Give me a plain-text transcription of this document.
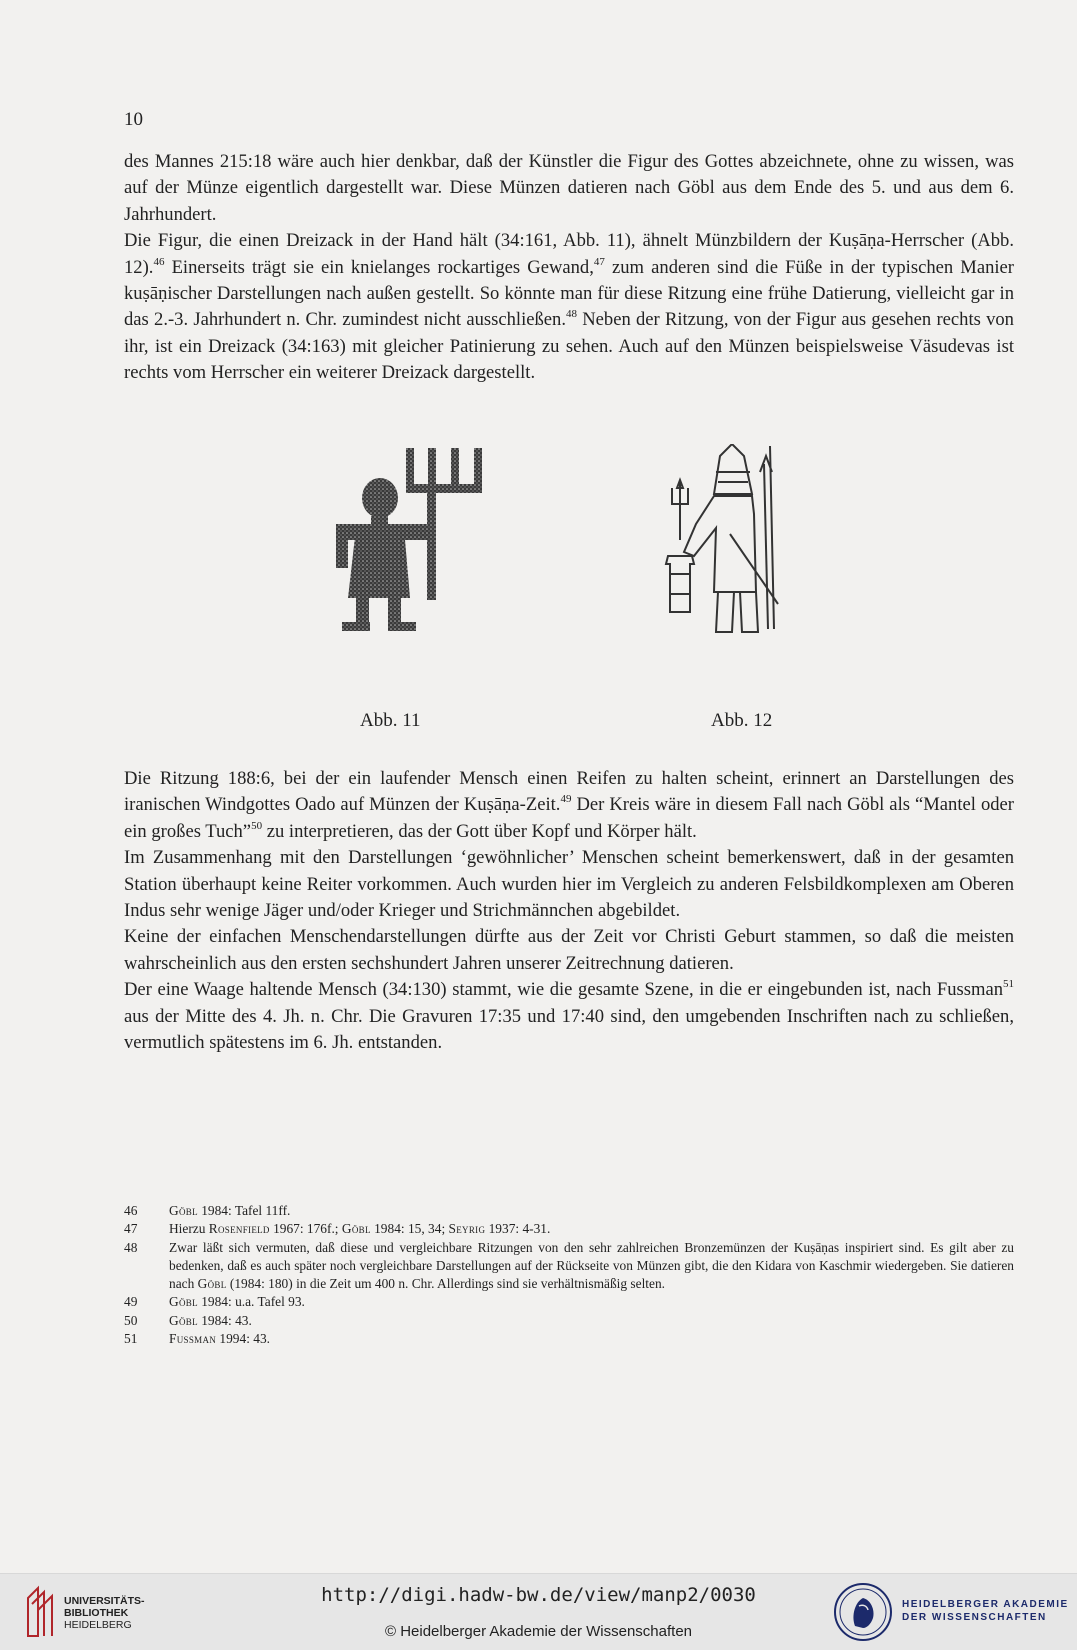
10

des Mannes 215:18 wäre auch hier denkbar, daß der Künstler die Figur des Gottes abzeichnete, ohne zu wissen, was auf der Münze eigentlich dargestellt war. Diese Münzen datieren nach Göbl aus dem Ende des 5. und aus dem 6. Jahrhundert.

Die Figur, die einen Dreizack in der Hand hält (34:161, Abb. 11), ähnelt Münzbildern der Kuṣāṇa-Herrscher (Abb. 12).$^{46}$ Einerseits trägt sie ein knielanges rockartiges Gewand,$^{47}$ zum anderen sind die Füße in der typischen Manier kuṣāṇischer Darstellungen nach außen gestellt. So könnte man für diese Ritzung eine frühe Datierung, vielleicht gar in das 2.-3. Jahrhundert n. Chr. zumindest nicht ausschließen.$^{48}$ Neben der Ritzung, von der Figur aus gesehen rechts von ihr, ist ein Dreizack (34:163) mit gleicher Patinierung zu sehen. Auch auf den Münzen beispielsweise Väsudevas ist rechts vom Herrscher ein weiterer Dreizack dargestellt.

Abb. 11	Abb. 12

Die Ritzung 188:6, bei der ein laufender Mensch einen Reifen zu halten scheint, erinnert an Darstellungen des iranischen Windgottes Oado auf Münzen der Kuṣāṇa-Zeit.$^{49}$ Der Kreis wäre in diesem Fall nach Göbl als “Mantel oder ein großes Tuch”$^{50}$ zu interpretieren, das der Gott über Kopf und Körper hält.

Im Zusammenhang mit den Darstellungen ‘gewöhnlicher’ Menschen scheint bemerkenswert, daß in der gesamten Station überhaupt keine Reiter vorkommen. Auch wurden hier im Vergleich zu anderen Felsbildkomplexen am Oberen Indus sehr wenige Jäger und/oder Krieger und Strichmännchen abgebildet.

Keine der einfachen Menschendarstellungen dürfte aus der Zeit vor Christi Geburt stammen, so daß die meisten wahrscheinlich aus den ersten sechshundert Jahren unserer Zeitrechnung datieren.

Der eine Waage haltende Mensch (34:130) stammt, wie die gesamte Szene, in die er eingebunden ist, nach Fussman$^{51}$ aus der Mitte des 4. Jh. n. Chr. Die Gravuren 17:35 und 17:40 sind, den umgebenden Inschriften nach zu schließen, vermutlich spätestens im 6. Jh. entstanden.

46	Göbl 1984: Tafel 11ff.
47	Hierzu Rosenfield 1967: 176f.; Göbl 1984: 15, 34; Seyrig 1937: 4-31.
48	Zwar läßt sich vermuten, daß diese und vergleichbare Ritzungen von den sehr zahlreichen Bronzemünzen der Kuṣāṇas inspiriert sind. Es gilt aber zu bedenken, daß es auch später noch vergleichbare Darstellungen auf der Rückseite von Münzen gibt, die den Kidara von Kaschmir wiedergeben. Sie datieren nach Göbl (1984: 180) in die Zeit um 400 n. Chr. Allerdings sind sie verhältnismäßig selten.
49	Göbl 1984: u.a. Tafel 93.
50	Göbl 1984: 43.
51	Fussman 1994: 43.
UNIVERSITÄTS-
BIBLIOTHEK
HEIDELBERG
http://digi.hadw-bw.de/view/manp2/0030
© Heidelberger Akademie der Wissenschaften
HEIDELBERGER AKADEMIE
DER WISSENSCHAFTEN
